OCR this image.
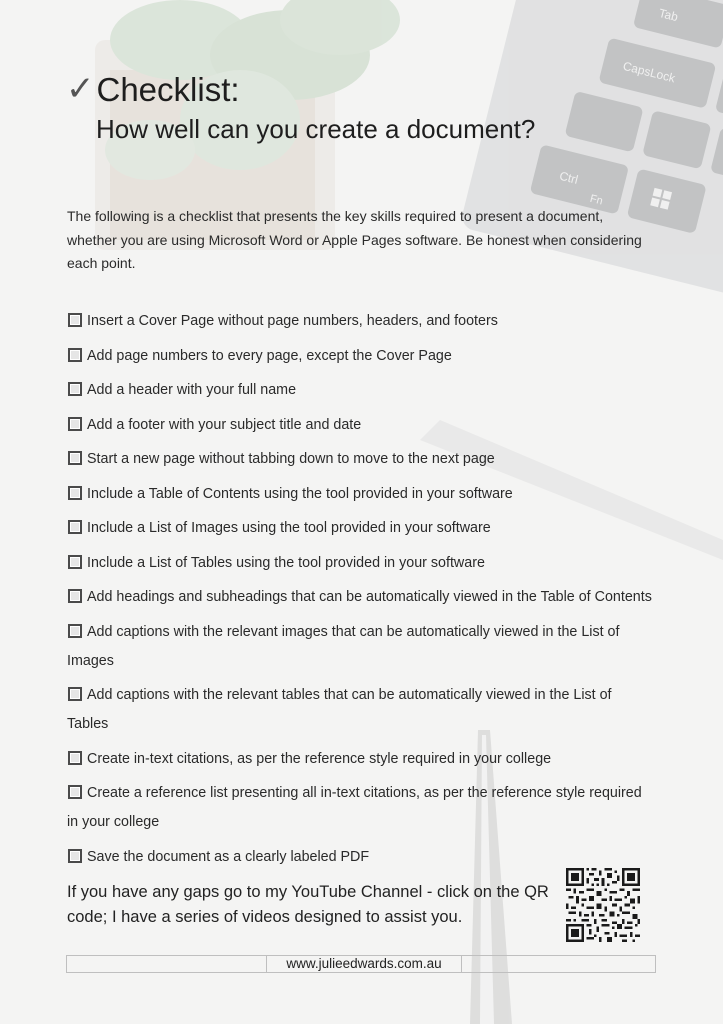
Tab
CapsLock
Ctrl
Fn
✓ Checklist:
How well can you create a document?

The following is a checklist that presents the key skills required to present a document, whether you are using Microsoft Word or Apple Pages software. Be honest when considering each point.

Insert a Cover Page without page numbers, headers, and footers
Add page numbers to every page, except the Cover Page
Add a header with your full name
Add a footer with your subject title and date
Start a new page without tabbing down to move to the next page
Include a Table of Contents using the tool provided in your software
Include a List of Images using the tool provided in your software
Include a List of Tables using the tool provided in your software
Add headings and subheadings that can be automatically viewed in the Table of Contents
Add captions with the relevant images that can be automatically viewed in the List of Images
Add captions with the relevant tables that can be automatically viewed in the List of Tables
Create in-text citations, as per the reference style required in your college
Create a reference list presenting all in-text citations, as per the reference style required in your college
Save the document as a clearly labeled PDF

If you have any gaps go to my YouTube Channel - click on the QR code; I have a series of videos designed to assist you.

www.julieedwards.com.au
